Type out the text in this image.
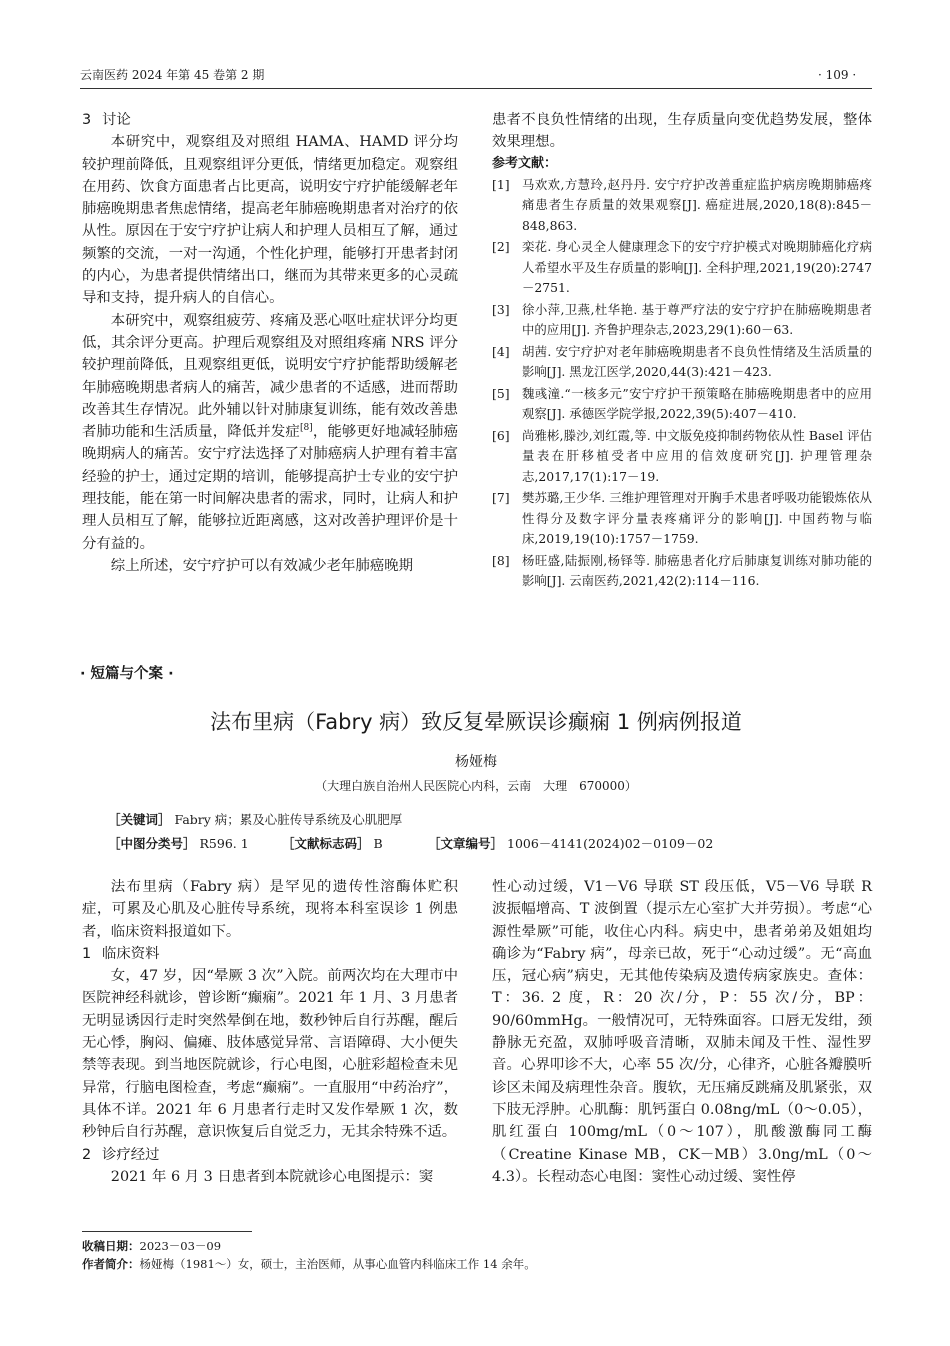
云南医药 2024 年第 45 卷第 2 期	· 109 ·
3 讨论

本研究中，观察组及对照组 HAMA、HAMD 评分均较护理前降低，且观察组评分更低，情绪更加稳定。观察组在用药、饮食方面患者占比更高，说明安宁疗护能缓解老年肺癌晚期患者焦虑情绪，提高老年肺癌晚期患者对治疗的依从性。原因在于安宁疗护让病人和护理人员相互了解，通过频繁的交流，一对一沟通，个性化护理，能够打开患者封闭的内心，为患者提供情绪出口，继而为其带来更多的心灵疏导和支持，提升病人的自信心。

本研究中，观察组疲劳、疼痛及恶心呕吐症状评分均更低，其余评分更高。护理后观察组及对照组疼痛 NRS 评分较护理前降低，且观察组更低，说明安宁疗护能帮助缓解老年肺癌晚期患者病人的痛苦，减少患者的不适感，进而帮助改善其生存情况。此外辅以针对肺康复训练，能有效改善患者肺功能和生活质量，降低并发症[8]，能够更好地减轻肺癌晚期病人的痛苦。安宁疗法选择了对肺癌病人护理有着丰富经验的护士，通过定期的培训，能够提高护士专业的安宁护理技能，能在第一时间解决患者的需求，同时，让病人和护理人员相互了解，能够拉近距离感，这对改善护理评价是十分有益的。

综上所述，安宁疗护可以有效减少老年肺癌晚期

患者不良负性情绪的出现，生存质量向变优趋势发展，整体效果理想。

参考文献：
[1] 马欢欢,方慧玲,赵丹丹. 安宁疗护改善重症监护病房晚期肺癌疼痛患者生存质量的效果观察[J]. 癌症进展,2020,18(8):845－848,863.
[2] 栾花. 身心灵全人健康理念下的安宁疗护模式对晚期肺癌化疗病人希望水平及生存质量的影响[J]. 全科护理,2021,19(20):2747－2751.
[3] 徐小萍,卫燕,杜华艳. 基于尊严疗法的安宁疗护在肺癌晚期患者中的应用[J]. 齐鲁护理杂志,2023,29(1):60－63.
[4] 胡茜. 安宁疗护对老年肺癌晚期患者不良负性情绪及生活质量的影响[J]. 黑龙江医学,2020,44(3):421－423.
[5] 魏彧潼.“一核多元”安宁疗护干预策略在肺癌晚期患者中的应用观察[J]. 承德医学院学报,2022,39(5):407－410.
[6] 尚雅彬,滕沙,刘红霞,等. 中文版免疫抑制药物依从性 Basel 评估量表在肝移植受者中应用的信效度研究[J]. 护理管理杂志,2017,17(1):17－19.
[7] 樊苏璐,王少华. 三维护理管理对开胸手术患者呼吸功能锻炼依从性得分及数字评分量表疼痛评分的影响[J]. 中国药物与临床,2019,19(10):1757－1759.
[8] 杨旺盛,陆振刚,杨铎等. 肺癌患者化疗后肺康复训练对肺功能的影响[J]. 云南医药,2021,42(2):114－116.
· 短篇与个案 ·
法布里病（Fabry 病）致反复晕厥误诊癫痫 1 例病例报道
杨娅梅
（大理白族自治州人民医院心内科，云南　大理　670000）
［关键词］ Fabry 病；累及心脏传导系统及心肌肥厚
［中图分类号］ R596. 1	［文献标志码］ B	［文章编号］ 1006－4141(2024)02－0109－02

法布里病（Fabry 病）是罕见的遗传性溶酶体贮积症，可累及心肌及心脏传导系统，现将本科室误诊 1 例患者，临床资料报道如下。

1 临床资料

女，47 岁，因“晕厥 3 次”入院。前两次均在大理市中医院神经科就诊，曾诊断“癫痫”。2021 年 1 月、3 月患者无明显诱因行走时突然晕倒在地，数秒钟后自行苏醒，醒后无心悸，胸闷、偏瘫、肢体感觉异常、言语障碍、大小便失禁等表现。到当地医院就诊，行心电图，心脏彩超检查未见异常，行脑电图检查，考虑“癫痫”。一直服用“中药治疗”，具体不详。2021 年 6 月患者行走时又发作晕厥 1 次，数秒钟后自行苏醒，意识恢复后自觉乏力，无其余特殊不适。

2 诊疗经过

2021 年 6 月 3 日患者到本院就诊心电图提示：窦

性心动过缓，V1－V6 导联 ST 段压低，V5－V6 导联 R 波振幅增高、T 波倒置（提示左心室扩大并劳损）。考虑“心源性晕厥”可能，收住心内科。病史中，患者弟弟及姐姐均确诊为“Fabry 病”，母亲已故，死于“心动过缓”。无“高血压，冠心病”病史，无其他传染病及遗传病家族史。查体：T：36. 2 度，R：20 次/分，P：55 次/分，BP：90/60mmHg。一般情况可，无特殊面容。口唇无发绀，颈静脉无充盈，双肺呼吸音清晰，双肺未闻及干性、湿性罗音。心界叩诊不大，心率 55 次/分，心律齐，心脏各瓣膜听诊区未闻及病理性杂音。腹软，无压痛反跳痛及肌紧张，双下肢无浮肿。心肌酶：肌钙蛋白 0.08ng/mL（0～0.05），肌红蛋白 100mg/mL（0～107），肌酸激酶同工酶（Creatine Kinase MB，CK－MB）3.0ng/mL（0～4.3）。长程动态心电图：窦性心动过缓、窦性停

收稿日期：2023－03－09
作者简介：杨娅梅（1981～）女，硕士，主治医师，从事心血管内科临床工作 14 余年。
